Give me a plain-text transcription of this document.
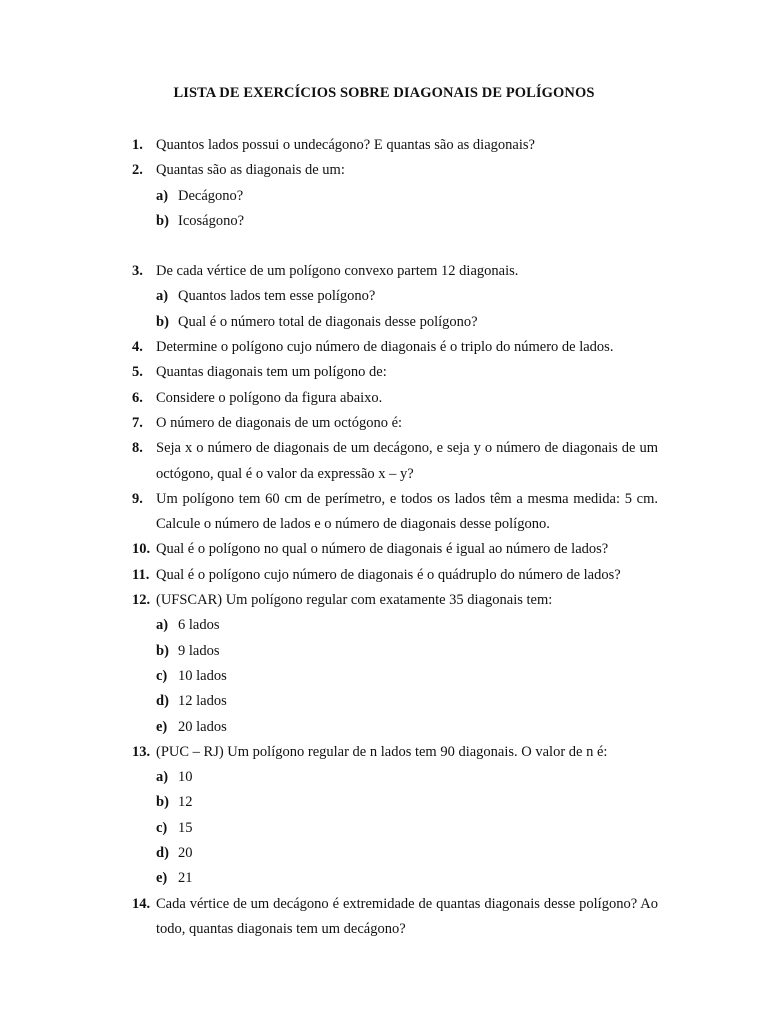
LISTA DE EXERCÍCIOS SOBRE DIAGONAIS DE POLÍGONOS
1. Quantos lados possui o undecágono? E quantas são as diagonais?
2. Quantas são as diagonais de um:
a) Decágono?
b) Icoságono?
3. De cada vértice de um polígono convexo partem 12 diagonais.
a) Quantos lados tem esse polígono?
b) Qual é o número total de diagonais desse polígono?
4. Determine o polígono cujo número de diagonais é o triplo do número de lados.
5. Quantas diagonais tem um polígono de:
6. Considere o polígono da figura abaixo.
7. O número de diagonais de um octógono é:
8. Seja x o número de diagonais de um decágono, e seja y o número de diagonais de um octógono, qual é o valor da expressão x – y?
9. Um polígono tem 60 cm de perímetro, e todos os lados têm a mesma medida: 5 cm. Calcule o número de lados e o número de diagonais desse polígono.
10. Qual é o polígono no qual o número de diagonais é igual ao número de lados?
11. Qual é o polígono cujo número de diagonais é o quádruplo do número de lados?
12. (UFSCAR) Um polígono regular com exatamente 35 diagonais tem:
a) 6 lados
b) 9 lados
c) 10 lados
d) 12 lados
e) 20 lados
13. (PUC – RJ) Um polígono regular de n lados tem 90 diagonais. O valor de n é:
a) 10
b) 12
c) 15
d) 20
e) 21
14. Cada vértice de um decágono é extremidade de quantas diagonais desse polígono? Ao todo, quantas diagonais tem um decágono?
